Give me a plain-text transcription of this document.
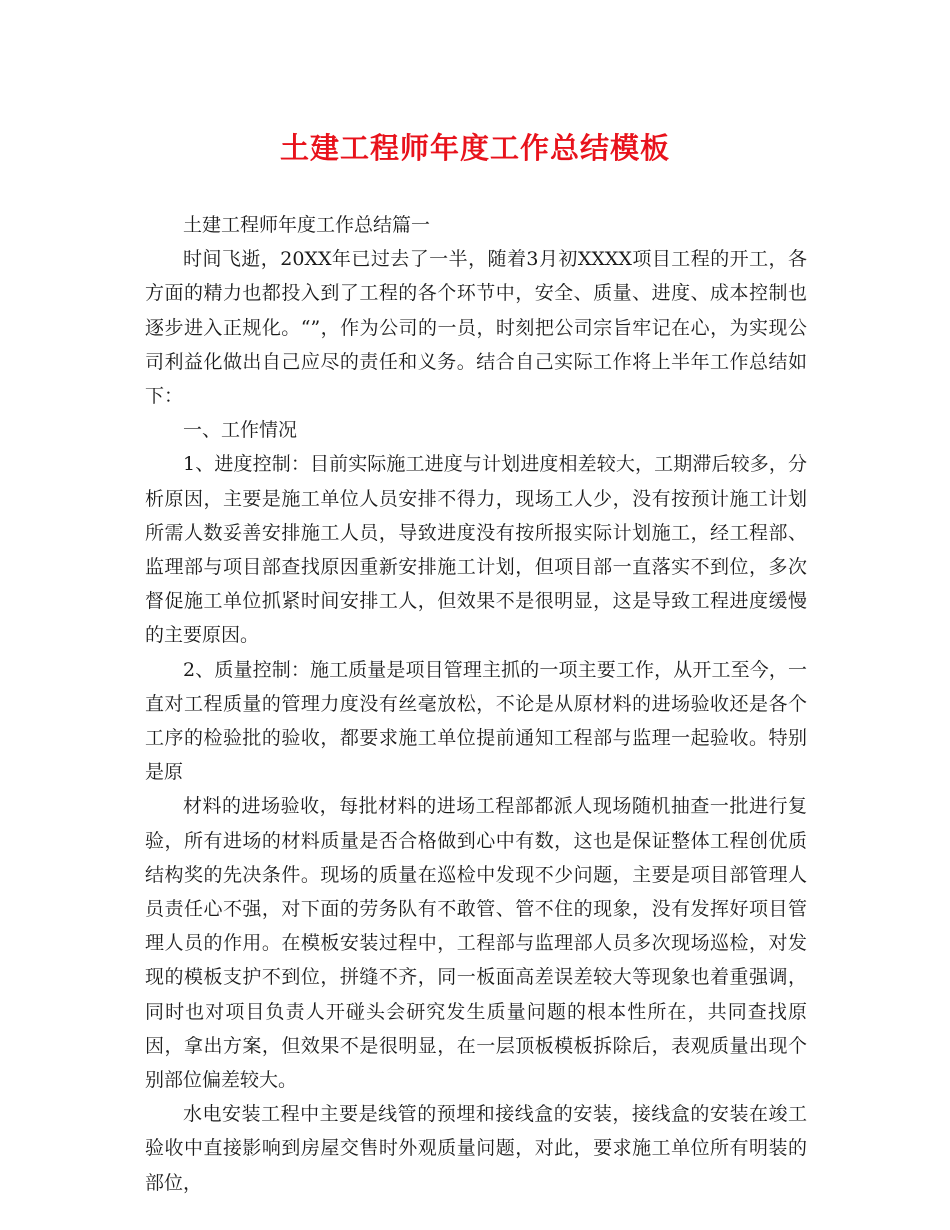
土建工程师年度工作总结模板

土建工程师年度工作总结篇一

时间飞逝，20XX年已过去了一半，随着3月初XXXX项目工程的开工，各方面的精力也都投入到了工程的各个环节中，安全、质量、进度、成本控制也逐步进入正规化。“”，作为公司的一员，时刻把公司宗旨牢记在心，为实现公司利益化做出自己应尽的责任和义务。结合自己实际工作将上半年工作总结如下：

一、工作情况

1、进度控制：目前实际施工进度与计划进度相差较大，工期滞后较多，分析原因，主要是施工单位人员安排不得力，现场工人少，没有按预计施工计划所需人数妥善安排施工人员，导致进度没有按所报实际计划施工，经工程部、监理部与项目部查找原因重新安排施工计划，但项目部一直落实不到位，多次督促施工单位抓紧时间安排工人，但效果不是很明显，这是导致工程进度缓慢的主要原因。

2、质量控制：施工质量是项目管理主抓的一项主要工作，从开工至今，一直对工程质量的管理力度没有丝毫放松，不论是从原材料的进场验收还是各个工序的检验批的验收，都要求施工单位提前通知工程部与监理一起验收。特别是原

材料的进场验收，每批材料的进场工程部都派人现场随机抽查一批进行复验，所有进场的材料质量是否合格做到心中有数，这也是保证整体工程创优质结构奖的先决条件。现场的质量在巡检中发现不少问题，主要是项目部管理人员责任心不强，对下面的劳务队有不敢管、管不住的现象，没有发挥好项目管理人员的作用。在模板安装过程中，工程部与监理部人员多次现场巡检，对发现的模板支护不到位，拼缝不齐，同一板面高差误差较大等现象也着重强调，同时也对项目负责人开碰头会研究发生质量问题的根本性所在，共同查找原因，拿出方案，但效果不是很明显，在一层顶板模板拆除后，表观质量出现个别部位偏差较大。

水电安装工程中主要是线管的预埋和接线盒的安装，接线盒的安装在竣工验收中直接影响到房屋交售时外观质量问题，对此，要求施工单位所有明装的部位，
